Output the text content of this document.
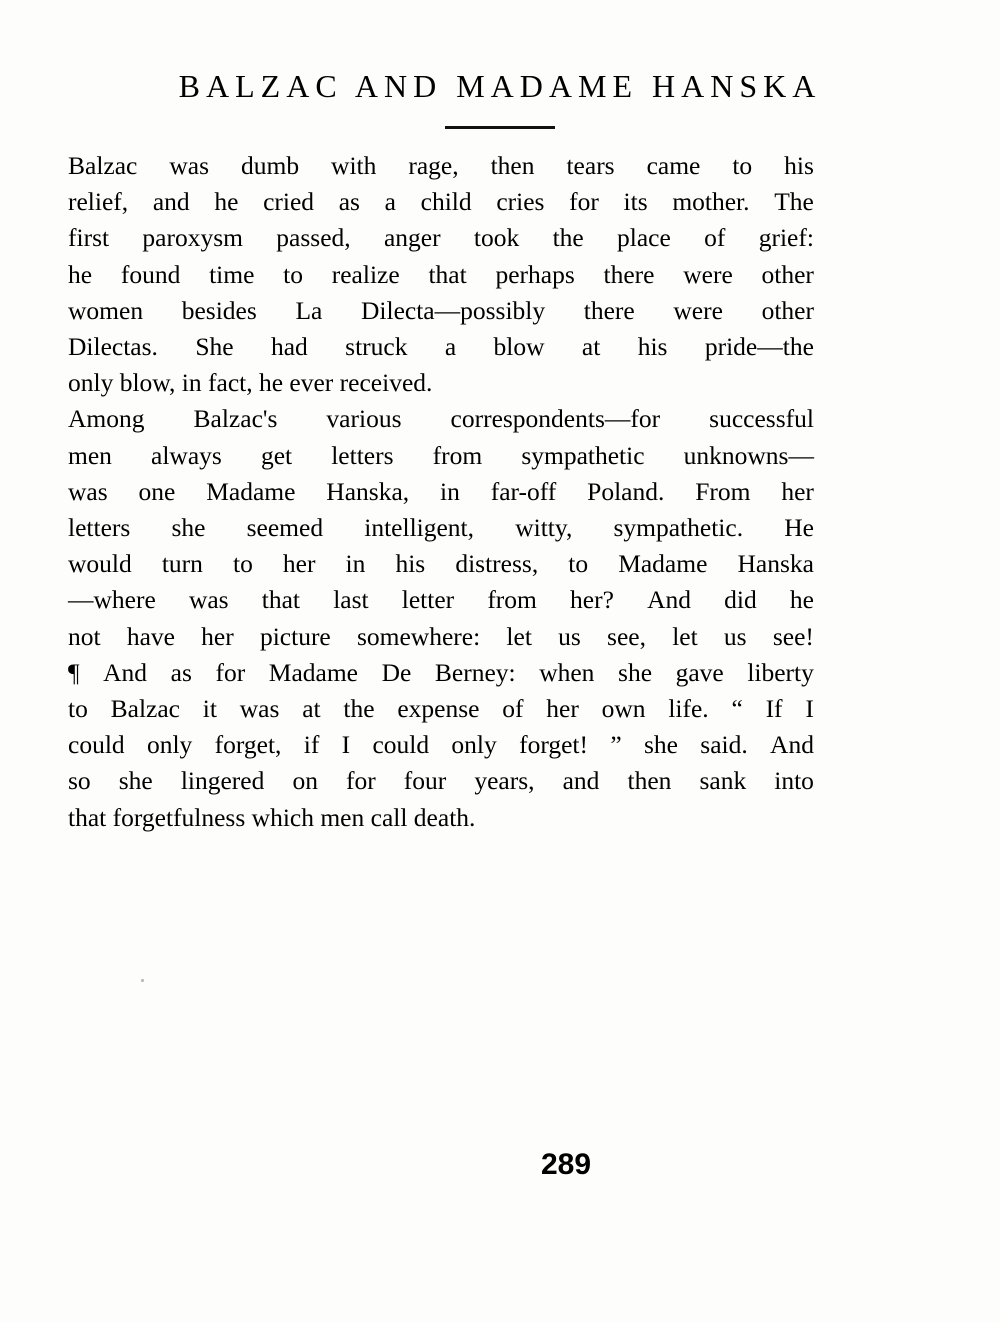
BALZAC AND MADAME HANSKA

Balzac was dumb with rage, then tears came to his
relief, and he cried as a child cries for its mother. The
first paroxysm passed, anger took the place of grief:
he found time to realize that perhaps there were other
women besides La Dilecta—possibly there were other
Dilectas. She had struck a blow at his pride—the
only blow, in fact, he ever received.

Among Balzac's various correspondents—for successful
men always get letters from sympathetic unknowns—
was one Madame Hanska, in far-off Poland. From her
letters she seemed intelligent, witty, sympathetic. He
would turn to her in his distress, to Madame Hanska
—where was that last letter from her? And did he
not have her picture somewhere: let us see, let us see!

¶ And as for Madame De Berney: when she gave liberty
to Balzac it was at the expense of her own life. “ If I
could only forget, if I could only forget! ” she said. And
so she lingered on for four years, and then sank into
that forgetfulness which men call death.

289
